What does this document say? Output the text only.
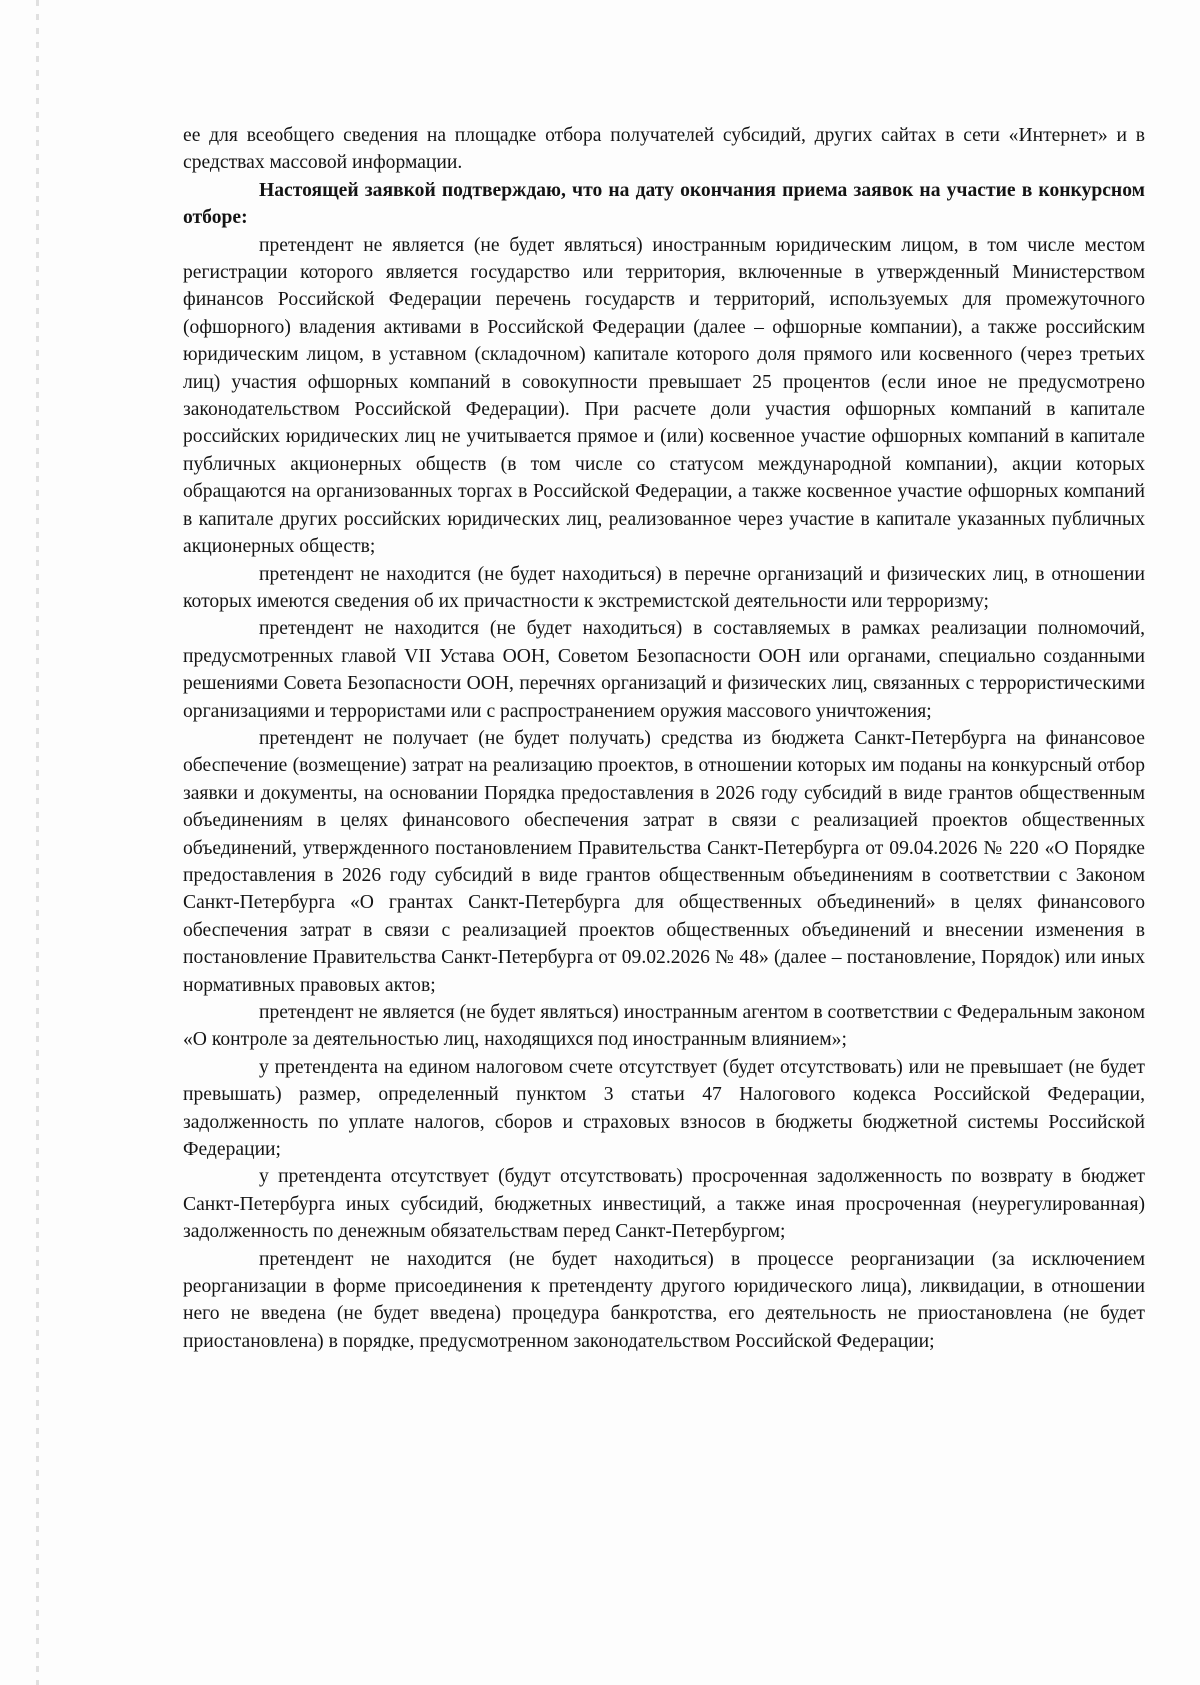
ее для всеобщего сведения на площадке отбора получателей субсидий, других сайтах в сети «Интернет» и в средствах массовой информации.

Настоящей заявкой подтверждаю, что на дату окончания приема заявок на участие в конкурсном отборе:

претендент не является (не будет являться) иностранным юридическим лицом, в том числе местом регистрации которого является государство или территория, включенные в утвержденный Министерством финансов Российской Федерации перечень государств и территорий, используемых для промежуточного (офшорного) владения активами в Российской Федерации (далее – офшорные компании), а также российским юридическим лицом, в уставном (складочном) капитале которого доля прямого или косвенного (через третьих лиц) участия офшорных компаний в совокупности превышает 25 процентов (если иное не предусмотрено законодательством Российской Федерации). При расчете доли участия офшорных компаний в капитале российских юридических лиц не учитывается прямое и (или) косвенное участие офшорных компаний в капитале публичных акционерных обществ (в том числе со статусом международной компании), акции которых обращаются на организованных торгах в Российской Федерации, а также косвенное участие офшорных компаний в капитале других российских юридических лиц, реализованное через участие в капитале указанных публичных акционерных обществ;

претендент не находится (не будет находиться) в перечне организаций и физических лиц, в отношении которых имеются сведения об их причастности к экстремистской деятельности или терроризму;

претендент не находится (не будет находиться) в составляемых в рамках реализации полномочий, предусмотренных главой VII Устава ООН, Советом Безопасности ООН или органами, специально созданными решениями Совета Безопасности ООН, перечнях организаций и физических лиц, связанных с террористическими организациями и террористами или с распространением оружия массового уничтожения;

претендент не получает (не будет получать) средства из бюджета Санкт-Петербурга на финансовое обеспечение (возмещение) затрат на реализацию проектов, в отношении которых им поданы на конкурсный отбор заявки и документы, на основании Порядка предоставления в 2026 году субсидий в виде грантов общественным объединениям в целях финансового обеспечения затрат в связи с реализацией проектов общественных объединений, утвержденного постановлением Правительства Санкт-Петербурга от 09.04.2026 № 220 «О Порядке предоставления в 2026 году субсидий в виде грантов общественным объединениям в соответствии с Законом Санкт-Петербурга «О грантах Санкт-Петербурга для общественных объединений» в целях финансового обеспечения затрат в связи с реализацией проектов общественных объединений и внесении изменения в постановление Правительства Санкт-Петербурга от 09.02.2026 № 48» (далее – постановление, Порядок) или иных нормативных правовых актов;

претендент не является (не будет являться) иностранным агентом в соответствии с Федеральным законом «О контроле за деятельностью лиц, находящихся под иностранным влиянием»;

у претендента на едином налоговом счете отсутствует (будет отсутствовать) или не превышает (не будет превышать) размер, определенный пунктом 3 статьи 47 Налогового кодекса Российской Федерации, задолженность по уплате налогов, сборов и страховых взносов в бюджеты бюджетной системы Российской Федерации;

у претендента отсутствует (будут отсутствовать) просроченная задолженность по возврату в бюджет Санкт-Петербурга иных субсидий, бюджетных инвестиций, а также иная просроченная (неурегулированная) задолженность по денежным обязательствам перед Санкт-Петербургом;

претендент не находится (не будет находиться) в процессе реорганизации (за исключением реорганизации в форме присоединения к претенденту другого юридического лица), ликвидации, в отношении него не введена (не будет введена) процедура банкротства, его деятельность не приостановлена (не будет приостановлена) в порядке, предусмотренном законодательством Российской Федерации;
